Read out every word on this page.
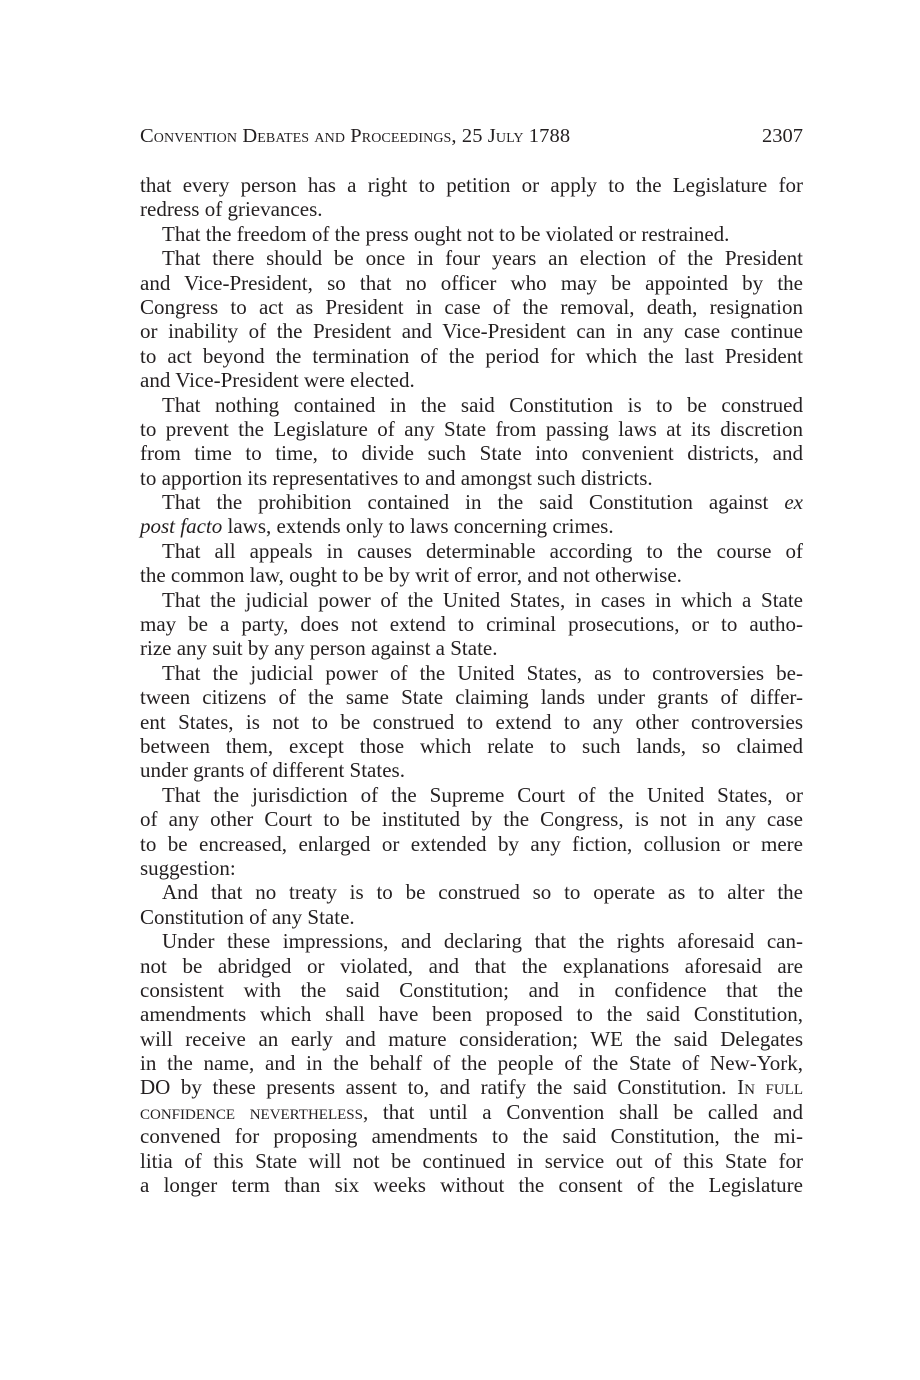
Convention Debates and Proceedings, 25 July 1788	2307
that every person has a right to petition or apply to the Legislature for
redress of grievances.
That the freedom of the press ought not to be violated or restrained.
That there should be once in four years an election of the President
and Vice-President, so that no officer who may be appointed by the
Congress to act as President in case of the removal, death, resignation
or inability of the President and Vice-President can in any case continue
to act beyond the termination of the period for which the last President
and Vice-President were elected.
That nothing contained in the said Constitution is to be construed
to prevent the Legislature of any State from passing laws at its discretion
from time to time, to divide such State into convenient districts, and
to apportion its representatives to and amongst such districts.
That the prohibition contained in the said Constitution against ex
post facto laws, extends only to laws concerning crimes.
That all appeals in causes determinable according to the course of
the common law, ought to be by writ of error, and not otherwise.
That the judicial power of the United States, in cases in which a State
may be a party, does not extend to criminal prosecutions, or to autho-
rize any suit by any person against a State.
That the judicial power of the United States, as to controversies be-
tween citizens of the same State claiming lands under grants of differ-
ent States, is not to be construed to extend to any other controversies
between them, except those which relate to such lands, so claimed
under grants of different States.
That the jurisdiction of the Supreme Court of the United States, or
of any other Court to be instituted by the Congress, is not in any case
to be encreased, enlarged or extended by any fiction, collusion or mere
suggestion:
And that no treaty is to be construed so to operate as to alter the
Constitution of any State.
Under these impressions, and declaring that the rights aforesaid can-
not be abridged or violated, and that the explanations aforesaid are
consistent with the said Constitution; and in confidence that the
amendments which shall have been proposed to the said Constitution,
will receive an early and mature consideration; WE the said Delegates
in the name, and in the behalf of the people of the State of New-York,
DO by these presents assent to, and ratify the said Constitution. In full
confidence nevertheless, that until a Convention shall be called and
convened for proposing amendments to the said Constitution, the mi-
litia of this State will not be continued in service out of this State for
a longer term than six weeks without the consent of the Legislature
